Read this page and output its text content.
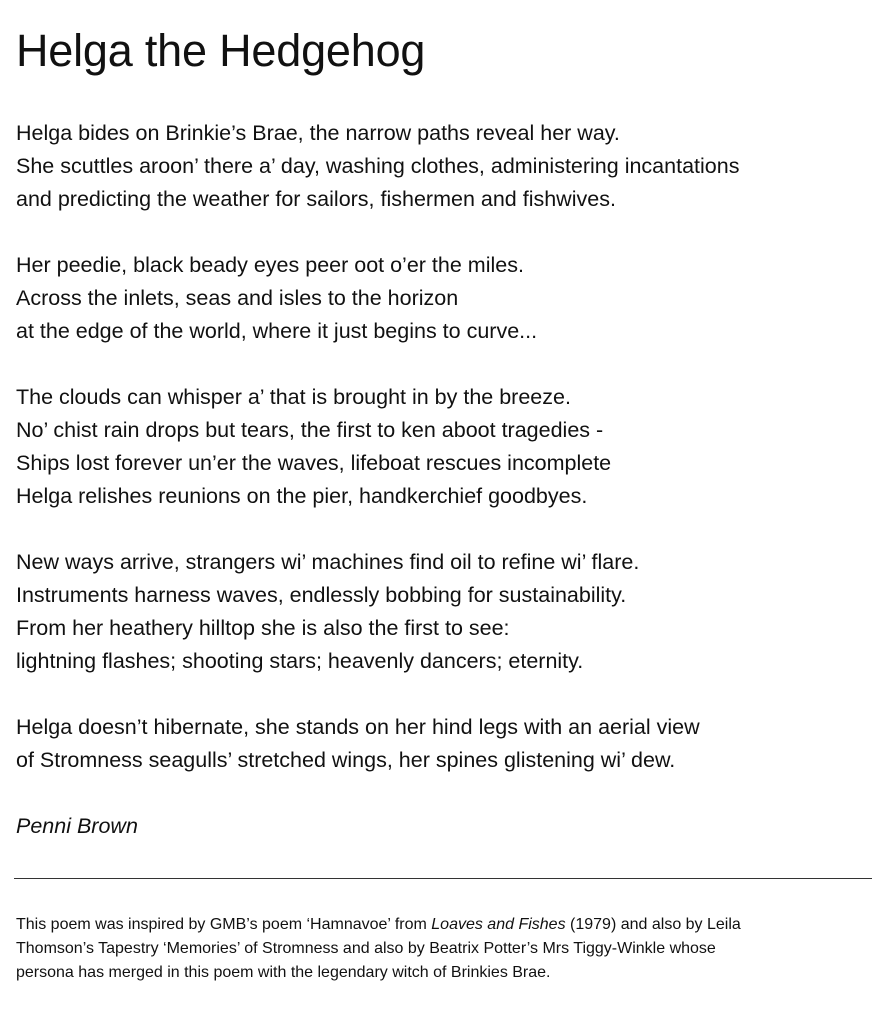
Helga the Hedgehog
Helga bides on Brinkie’s Brae, the narrow paths reveal her way.
She scuttles aroon’ there a’ day, washing clothes, administering incantations
and predicting the weather for sailors, fishermen and fishwives.
Her peedie, black beady eyes peer oot o’er the miles.
Across the inlets, seas and isles to the horizon
at the edge of the world, where it just begins to curve...
The clouds can whisper a’ that is brought in by the breeze.
No’ chist rain drops but tears, the first to ken aboot tragedies -
Ships lost forever un’er the waves, lifeboat rescues incomplete
Helga relishes reunions on the pier, handkerchief goodbyes.
New ways arrive, strangers wi’ machines find oil to refine wi’ flare.
Instruments harness waves, endlessly bobbing for sustainability.
From her heathery hilltop she is also the first to see:
lightning flashes; shooting stars; heavenly dancers; eternity.
Helga doesn’t hibernate, she stands on her hind legs with an aerial view
of Stromness seagulls’ stretched wings, her spines glistening wi’ dew.
Penni Brown
This poem was inspired by GMB’s poem ‘Hamnavoe’ from Loaves and Fishes (1979) and also by Leila
Thomson’s Tapestry ‘Memories’ of Stromness and also by Beatrix Potter’s Mrs Tiggy-Winkle whose
persona has merged in this poem with the legendary witch of Brinkies Brae.
